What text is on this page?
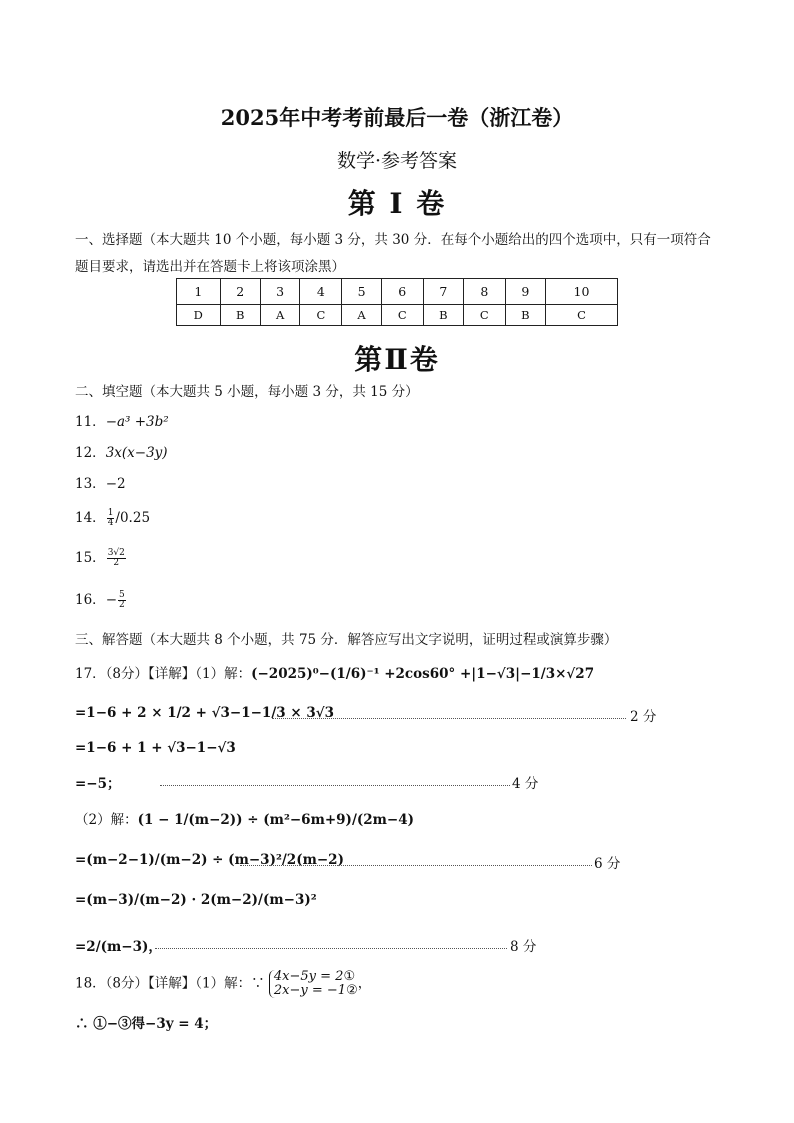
2025年中考考前最后一卷（浙江卷）
数学·参考答案
第 Ⅰ 卷
一、选择题（本大题共 10 个小题，每小题 3 分，共 30 分．在每个小题给出的四个选项中，只有一项符合
题目要求，请选出并在答题卡上将该项涂黑）
1	2	3	4	5	6	7	8	9	10
D	B	A	C	A	C	B	C	B	C
第Ⅱ卷
二、填空题（本大题共 5 小题，每小题 3 分，共 15 分）
11．−a³ +3b²
12．3x(x−3y)
13．−2
14． $\frac{1}{4} /0.25$
15． $\frac{3√2}{2}$
16．− $\frac{5}{2}$
三、解答题（本大题共 8 个小题，共 75 分．解答应写出文字说明，证明过程或演算步骤）
17．（8分）【详解】（1）解：(−2025)⁰−(1/6)⁻¹ +2cos60° +|1−√3|−1/3×√27
=1−6 + 2 × 1/2 + √3−1−1/3 × 3√3	2 分
=1−6 + 1 + √3−1−√3
=−5；	4 分
（2）解：(1 − 1/(m−2)) ÷ (m²−6m+9)/(2m−4)
=(m−2−1)/(m−2) ÷ (m−3)²/2(m−2)	6 分
=(m−3)/(m−2) · 2(m−2)/(m−3)²
=2/(m−3)，	8 分
18．（8分）【详解】（1）解：∵ 4x−5y = 2①
2x−y = −1② ，
∴ ①−③得−3y = 4；
